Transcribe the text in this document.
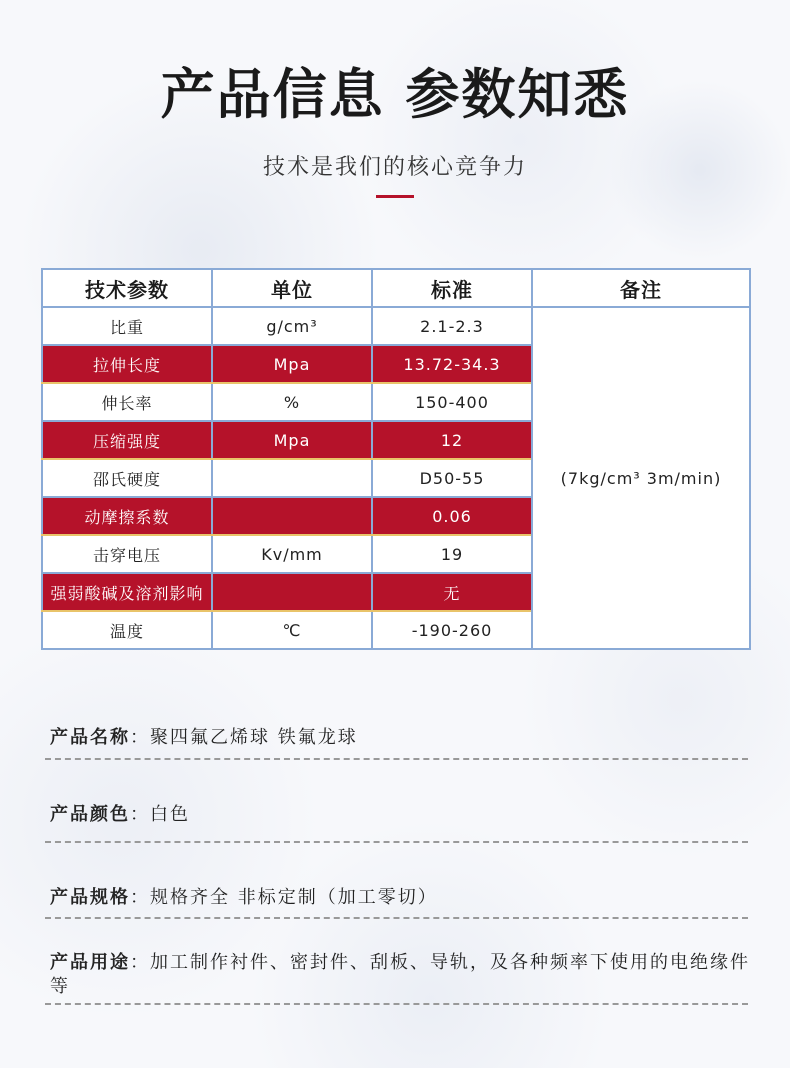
产品信息 参数知悉
技术是我们的核心竞争力
技术参数	单位	标准	备注
比重	g/cm³	2.1-2.3	(7kg/cm³ 3m/min)
拉伸长度	Mpa	13.72-34.3	
伸长率	%	150-400	
压缩强度	Mpa	12	
邵氏硬度		D50-55	
动摩擦系数		0.06	
击穿电压	Kv/mm	19	
强弱酸碱及溶剂影响		无	
温度	℃	-190-260	
产品名称：聚四氟乙烯球 铁氟龙球
产品颜色：白色
产品规格：规格齐全 非标定制（加工零切）
产品用途：加工制作衬件、密封件、刮板、导轨，及各种频率下使用的电绝缘件等
